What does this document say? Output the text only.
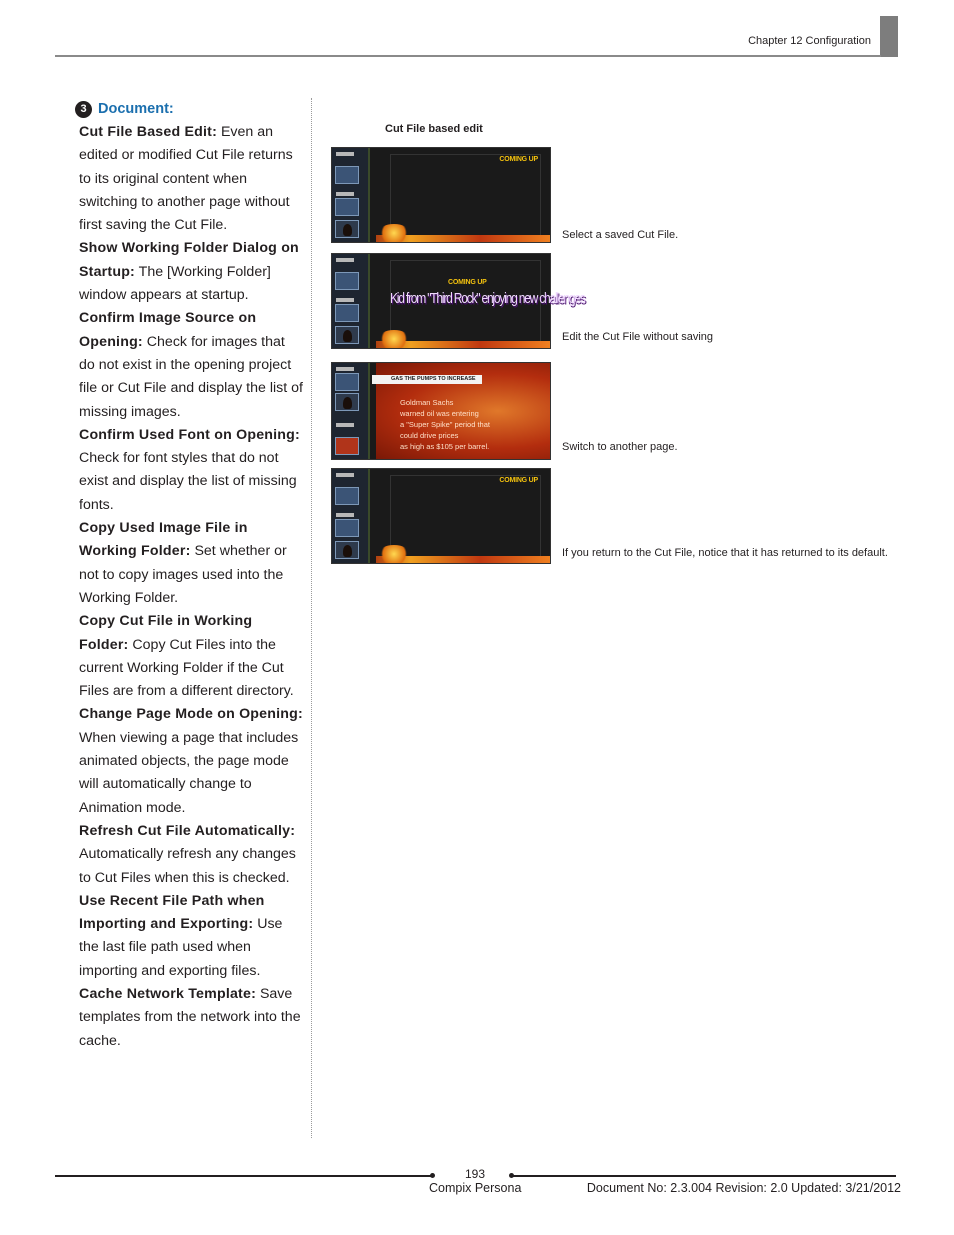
Chapter 12 Configuration
3 Document:

Cut File Based Edit: Even an edited or modified Cut File returns to its original content when switching to another page without first saving the Cut File.

Show Working Folder Dialog on Startup: The [Working Folder] window appears at startup.

Confirm Image Source on Opening: Check for images that do not exist in the opening project file or Cut File and display the list of missing images.

Confirm Used Font on Opening: Check for font styles that do not exist and display the list of missing fonts.

Copy Used Image File in Working Folder: Set whether or not to copy images used into the Working Folder.

Copy Cut File in Working Folder: Copy Cut Files into the current Working Folder if the Cut Files are from a different directory.

Change Page Mode on Opening: When viewing a page that includes animated objects, the page mode will automatically change to Animation mode.

Refresh Cut File Automatically: Automatically refresh any changes to Cut Files when this is checked.

Use Recent File Path when Importing and Exporting: Use the last file path used when importing and exporting files.

Cache Network Template: Save templates from the network into the cache.

Cut File based edit
COMING UP
Select a saved Cut File.
COMING UP
Kid from "Third Rock" enjoying new challenges
Edit the Cut File without saving
GAS THE PUMPS TO INCREASE
Goldman Sachs
warned oil was entering
a "Super Spike" period that
could drive prices
as high as $105 per barrel.	Switch to another page.
COMING UP
If you return to the Cut File, notice that it has returned to its default.
193
Compix Persona	Document No: 2.3.004 Revision: 2.0 Updated: 3/21/2012
